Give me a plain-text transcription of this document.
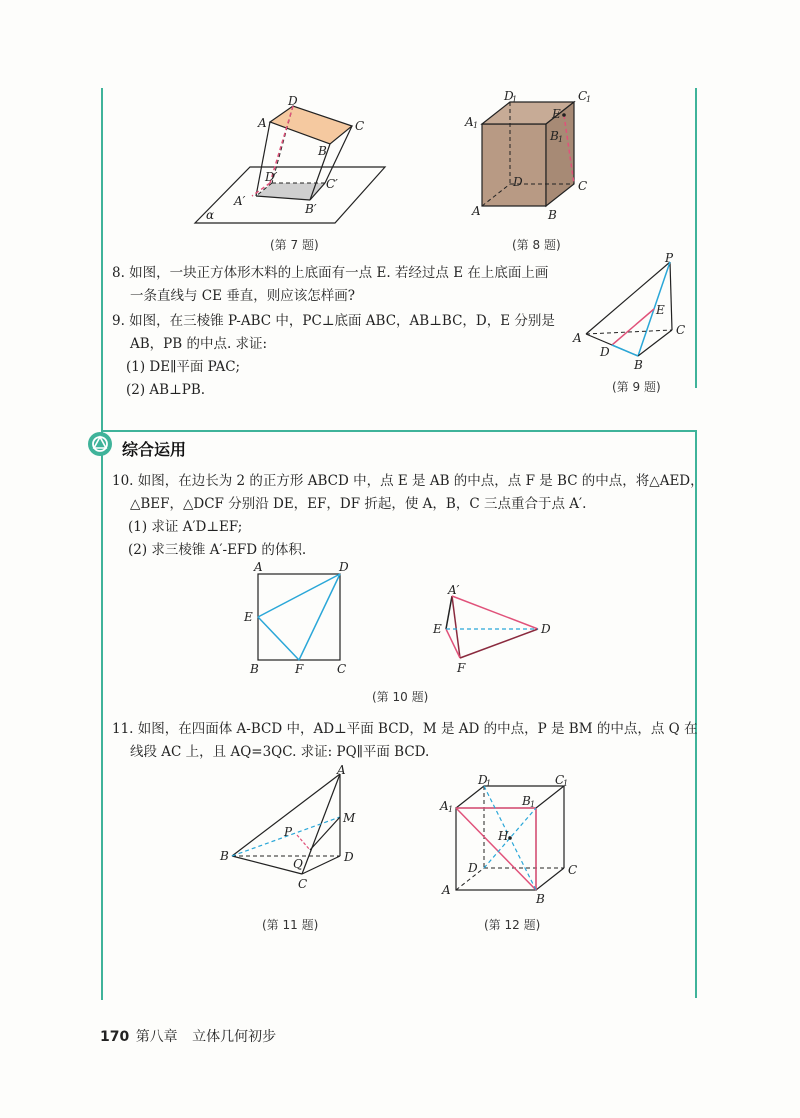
D
A	C
B
D′	C′
A′
B′
α
(第 7 题)
D
1	C
1
A 1
E
B 1
D	C
A	B
(第 8 题)
8. 如图，一块正方体形木料的上底面有一点 E. 若经过点 E 在上底面上画
一条直线与 CE 垂直，则应该怎样画?
9. 如图，在三棱锥 P-ABC 中，PC⊥底面 ABC，AB⊥BC，D，E 分别是
AB，PB 的中点. 求证:
(1) DE∥平面 PAC;
(2) AB⊥PB.
P
E
C
A
D
B
(第 9 题)
综合运用
10. 如图，在边长为 2 的正方形 ABCD 中，点 E 是 AB 的中点，点 F 是 BC 的中点，将△AED，
△BEF，△DCF 分别沿 DE，EF，DF 折起，使 A，B，C 三点重合于点 A′.
(1) 求证 A′D⊥EF;
(2) 求三棱锥 A′-EFD 的体积.
A	D
E
B	F	C
A′
E	D
F
(第 10 题)
11. 如图，在四面体 A-BCD 中，AD⊥平面 BCD，M 是 AD 的中点，P 是 BM 的中点，点 Q 在
线段 AC 上，且 AQ=3QC. 求证: PQ∥平面 BCD.
A
M
P
B	D
Q
C
(第 11 题)
D
1	C
1
A 1
B 1
H
D	C
A
B
(第 12 题)
170 第八章 立体几何初步
